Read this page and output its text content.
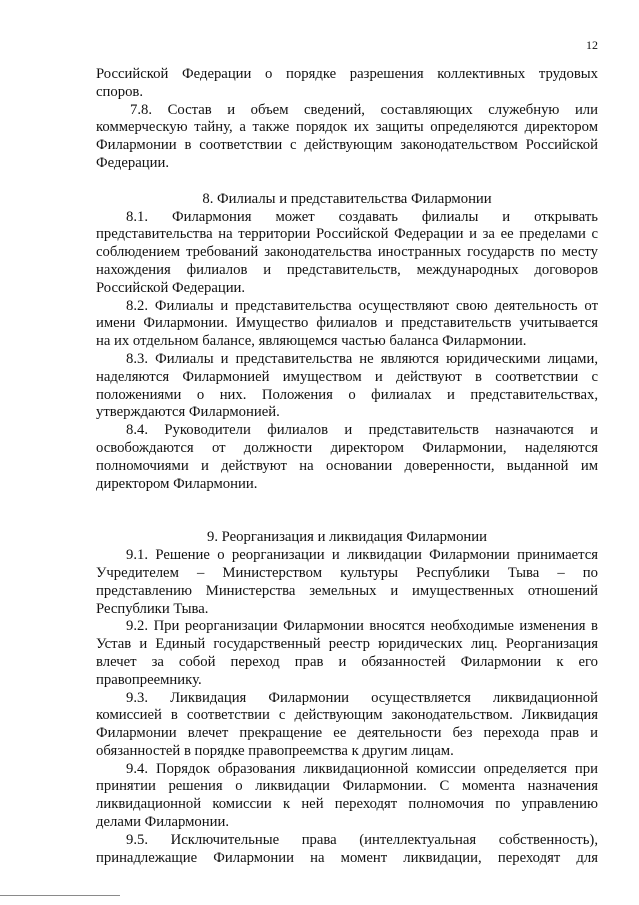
12
Российской Федерации о порядке разрешения коллективных трудовых
споров.
7.8. Состав и объем сведений, составляющих служебную или
коммерческую тайну, а также порядок их защиты определяются директором
Филармонии в соответствии с действующим законодательством Российской
Федерации.
8. Филиалы и представительства Филармонии
8.1. Филармония может создавать филиалы и открывать
представительства на территории Российской Федерации и за ее пределами с
соблюдением требований законодательства иностранных государств по месту
нахождения филиалов и представительств, международных договоров
Российской Федерации.
8.2. Филиалы и представительства осуществляют свою деятельность от
имени Филармонии. Имущество филиалов и представительств учитывается
на их отдельном балансе, являющемся частью баланса Филармонии.
8.3. Филиалы и представительства не являются юридическими лицами,
наделяются Филармонией имуществом и действуют в соответствии с
положениями о них. Положения о филиалах и представительствах,
утверждаются Филармонией.
8.4. Руководители филиалов и представительств назначаются и
освобождаются от должности директором Филармонии, наделяются
полномочиями и действуют на основании доверенности, выданной им
директором Филармонии.
9. Реорганизация и ликвидация Филармонии
9.1. Решение о реорганизации и ликвидации Филармонии принимается
Учредителем – Министерством культуры Республики Тыва – по
представлению Министерства земельных и имущественных отношений
Республики Тыва.
9.2. При реорганизации Филармонии вносятся необходимые изменения в
Устав и Единый государственный реестр юридических лиц. Реорганизация
влечет за собой переход прав и обязанностей Филармонии к его
правопреемнику.
9.3. Ликвидация Филармонии осуществляется ликвидационной
комиссией в соответствии с действующим законодательством. Ликвидация
Филармонии влечет прекращение ее деятельности без перехода прав и
обязанностей в порядке правопреемства к другим лицам.
9.4. Порядок образования ликвидационной комиссии определяется при
принятии решения о ликвидации Филармонии. С момента назначения
ликвидационной комиссии к ней переходят полномочия по управлению
делами Филармонии.
9.5. Исключительные права (интеллектуальная собственность),
принадлежащие Филармонии на момент ликвидации, переходят для
